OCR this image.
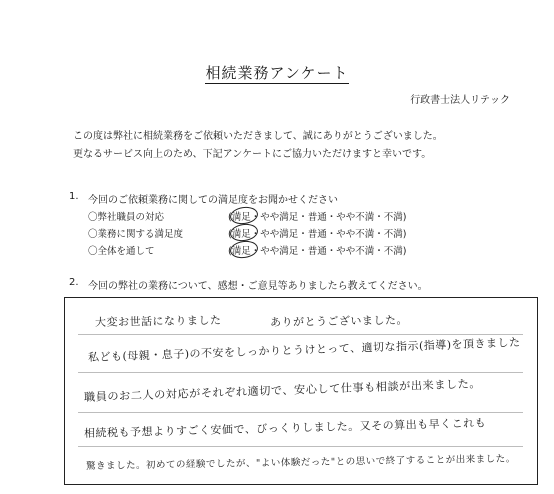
相続業務アンケート
行政書士法人リテック
この度は弊社に相続業務をご依頼いただきまして、誠にありがとうございました。
更なるサービス向上のため、下記アンケートにご協力いただけますと幸いです。
1. 今回のご依頼業務に関しての満足度をお聞かせください
〇弊社職員の対応	(満足・やや満足・普通・やや不満・不満)
〇業務に関する満足度	(満足・やや満足・普通・やや不満・不満)
〇全体を通して	(満足・やや満足・普通・やや不満・不満)
2. 今回の弊社の業務について、感想・ご意見等ありましたら教えてください。
大変お世話になりました	ありがとうございました。
私ども(母親・息子)の不安をしっかりとうけとって、適切な指示(指導)を頂きました
職員のお二人の対応がそれぞれ適切で、安心して仕事も相談が出来ました。
相続税も予想よりすごく安価で、びっくりしました。又その算出も早くこれも
驚きました。初めての経験でしたが、"よい体験だった"との思いで終了することが出来ました。
